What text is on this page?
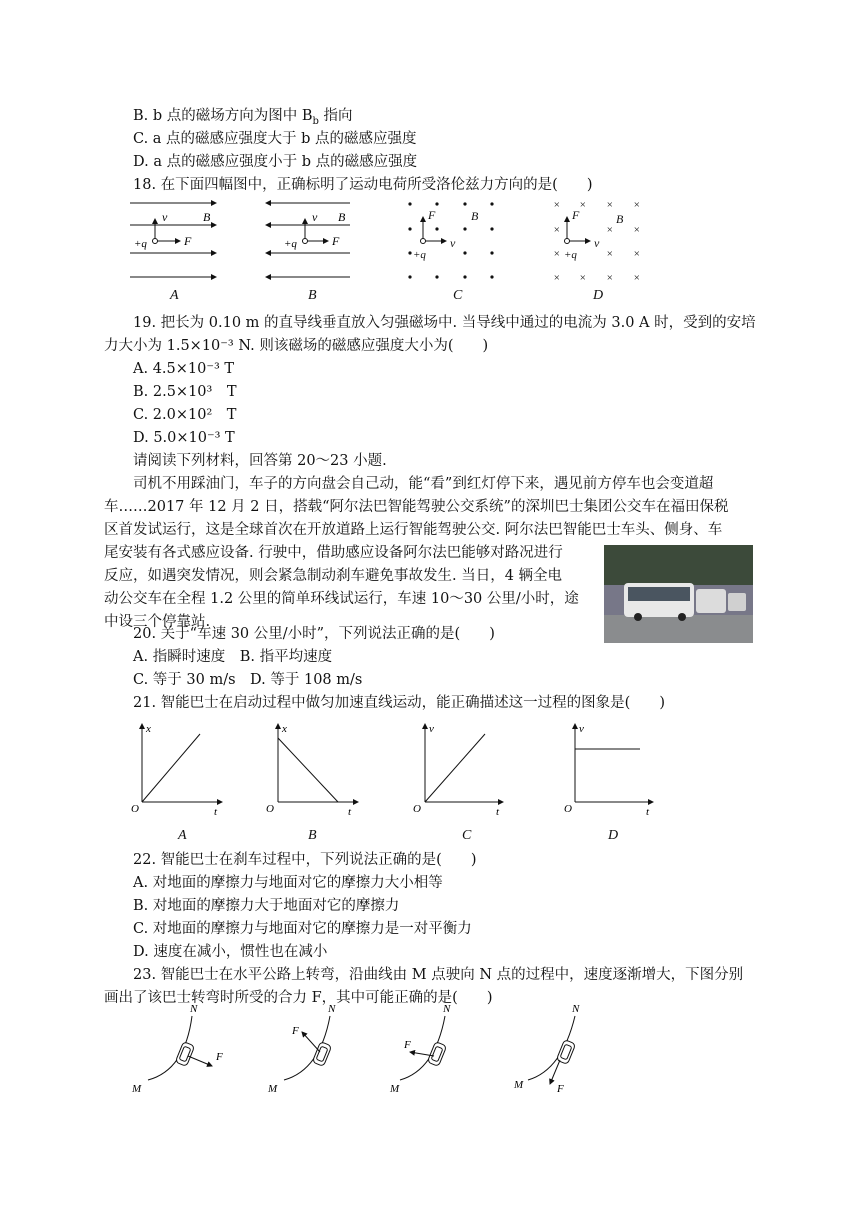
B. b 点的磁场方向为图中 $B_b$ 指向
C. a 点的磁感应强度大于 b 点的磁感应强度
D. a 点的磁感应强度小于 b 点的磁感应强度
18. 在下面四幅图中，正确标明了运动电荷所受洛伦兹力方向的是(　　)
v	B
F
+q
v B
F
+q
F	B
v
+q
× × × ×
×	× ×
×	× ×
× × × ×
F	B
v
+q
A	B	C	D
19. 把长为 0.10 m 的直导线垂直放入匀强磁场中. 当导线中通过的电流为 3.0 A 时，受到的安培
力大小为 1.5×10⁻³ N. 则该磁场的磁感应强度大小为(　　)
A. 4.5×10⁻³ T
B. 2.5×10³　T
C. 2.0×10²　T
D. 5.0×10⁻³ T
请阅读下列材料，回答第 20～23 小题.
司机不用踩油门，车子的方向盘会自己动，能“看”到红灯停下来，遇见前方停车也会变道超
车……2017 年 12 月 2 日，搭载“阿尔法巴智能驾驶公交系统”的深圳巴士集团公交车在福田保税
区首发试运行，这是全球首次在开放道路上运行智能驾驶公交. 阿尔法巴智能巴士车头、侧身、车
尾安装有各式感应设备. 行驶中，借助感应设备阿尔法巴能够对路况进行
反应，如遇突发情况，则会紧急制动刹车避免事故发生. 当日，4 辆全电
动公交车在全程 1.2 公里的简单环线试运行，车速 10～30 公里/小时，途
中设三个停靠站.
20. 关于“车速 30 公里/小时”，下列说法正确的是(　　)
A. 指瞬时速度　B. 指平均速度
C. 等于 30 m/s　D. 等于 108 m/s
21. 智能巴士在启动过程中做匀加速直线运动，能正确描述这一过程的图象是(　　)
x
t
O
x
t
O
v
t
O
v
t
O
A	B	C	D
22. 智能巴士在刹车过程中，下列说法正确的是(　　)
A. 对地面的摩擦力与地面对它的摩擦力大小相等
B. 对地面的摩擦力大于地面对它的摩擦力
C. 对地面的摩擦力与地面对它的摩擦力是一对平衡力
D. 速度在减小，惯性也在减小
23. 智能巴士在水平公路上转弯，沿曲线由 M 点驶向 N 点的过程中，速度逐渐增大，下图分别
画出了该巴士转弯时所受的合力 F，其中可能正确的是(　　)
N
M
F
N
M
F
N
M
F
N
M	F
